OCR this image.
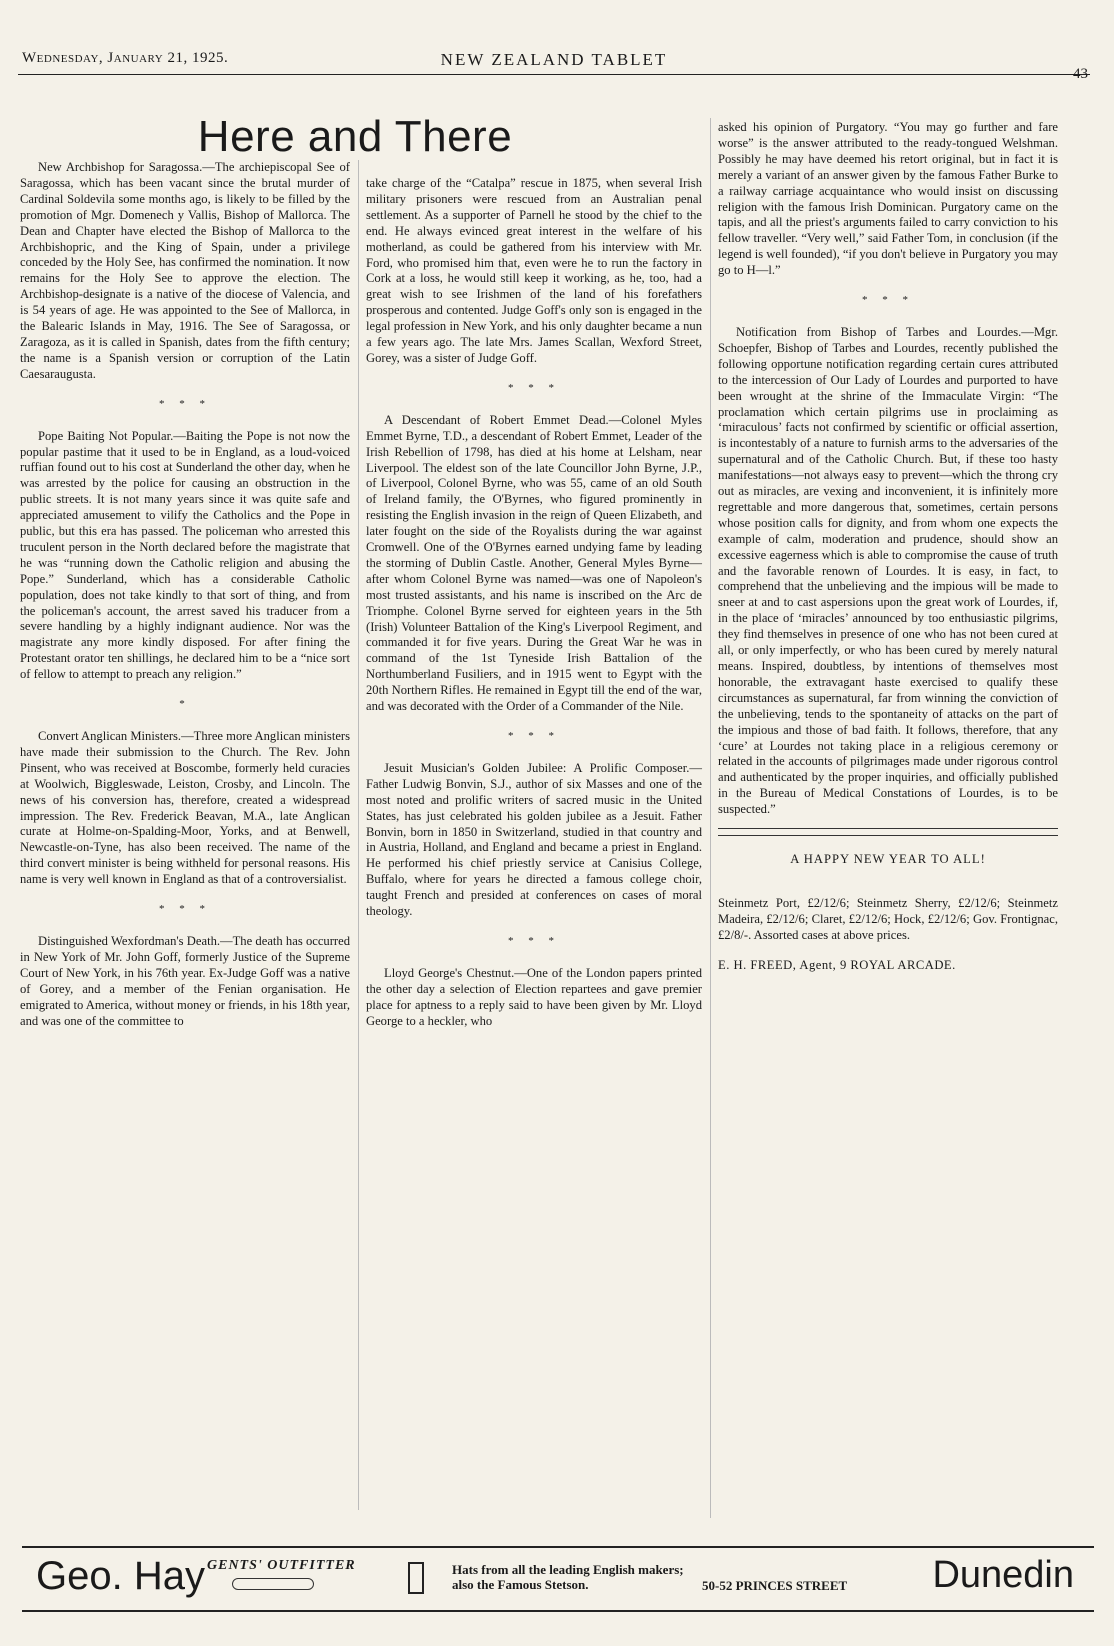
Wednesday, January 21, 1925.	NEW ZEALAND TABLET
43
Here and There

New Archbishop for Saragossa.—The archiepiscopal See of Saragossa, which has been vacant since the brutal murder of Cardinal Soldevila some months ago, is likely to be filled by the promotion of Mgr. Domenech y Vallis, Bishop of Mallorca. The Dean and Chapter have elected the Bishop of Mallorca to the Archbishopric, and the King of Spain, under a privilege conceded by the Holy See, has confirmed the nomination. It now remains for the Holy See to approve the election. The Archbishop-designate is a native of the diocese of Valencia, and is 54 years of age. He was appointed to the See of Mallorca, in the Balearic Islands in May, 1916. The See of Saragossa, or Zaragoza, as it is called in Spanish, dates from the fifth century; the name is a Spanish version or corruption of the Latin Caesaraugusta.

* * *

Pope Baiting Not Popular.—Baiting the Pope is not now the popular pastime that it used to be in England, as a loud-voiced ruffian found out to his cost at Sunderland the other day, when he was arrested by the police for causing an obstruction in the public streets. It is not many years since it was quite safe and appreciated amusement to vilify the Catholics and the Pope in public, but this era has passed. The policeman who arrested this truculent person in the North declared before the magistrate that he was “running down the Catholic religion and abusing the Pope.” Sunderland, which has a considerable Catholic population, does not take kindly to that sort of thing, and from the policeman's account, the arrest saved his traducer from a severe handling by a highly indignant audience. Nor was the magistrate any more kindly disposed. For after fining the Protestant orator ten shillings, he declared him to be a “nice sort of fellow to attempt to preach any religion.”

*

Convert Anglican Ministers.—Three more Anglican ministers have made their submission to the Church. The Rev. John Pinsent, who was received at Boscombe, formerly held curacies at Woolwich, Biggleswade, Leiston, Crosby, and Lincoln. The news of his conversion has, therefore, created a widespread impression. The Rev. Frederick Beavan, M.A., late Anglican curate at Holme-on-Spalding-Moor, Yorks, and at Benwell, Newcastle-on-Tyne, has also been received. The name of the third convert minister is being withheld for personal reasons. His name is very well known in England as that of a controversialist.

* * *

Distinguished Wexfordman's Death.—The death has occurred in New York of Mr. John Goff, formerly Justice of the Supreme Court of New York, in his 76th year. Ex-Judge Goff was a native of Gorey, and a member of the Fenian organisation. He emigrated to America, without money or friends, in his 18th year, and was one of the committee to

take charge of the “Catalpa” rescue in 1875, when several Irish military prisoners were rescued from an Australian penal settlement. As a supporter of Parnell he stood by the chief to the end. He always evinced great interest in the welfare of his motherland, as could be gathered from his interview with Mr. Ford, who promised him that, even were he to run the factory in Cork at a loss, he would still keep it working, as he, too, had a great wish to see Irishmen of the land of his forefathers prosperous and contented. Judge Goff's only son is engaged in the legal profession in New York, and his only daughter became a nun a few years ago. The late Mrs. James Scallan, Wexford Street, Gorey, was a sister of Judge Goff.

* * *

A Descendant of Robert Emmet Dead.—Colonel Myles Emmet Byrne, T.D., a descendant of Robert Emmet, Leader of the Irish Rebellion of 1798, has died at his home at Lelsham, near Liverpool. The eldest son of the late Councillor John Byrne, J.P., of Liverpool, Colonel Byrne, who was 55, came of an old South of Ireland family, the O'Byrnes, who figured prominently in resisting the English invasion in the reign of Queen Elizabeth, and later fought on the side of the Royalists during the war against Cromwell. One of the O'Byrnes earned undying fame by leading the storming of Dublin Castle. Another, General Myles Byrne—after whom Colonel Byrne was named—was one of Napoleon's most trusted assistants, and his name is inscribed on the Arc de Triomphe. Colonel Byrne served for eighteen years in the 5th (Irish) Volunteer Battalion of the King's Liverpool Regiment, and commanded it for five years. During the Great War he was in command of the 1st Tyneside Irish Battalion of the Northumberland Fusiliers, and in 1915 went to Egypt with the 20th Northern Rifles. He remained in Egypt till the end of the war, and was decorated with the Order of a Commander of the Nile.

* * *

Jesuit Musician's Golden Jubilee: A Prolific Composer.—Father Ludwig Bonvin, S.J., author of six Masses and one of the most noted and prolific writers of sacred music in the United States, has just celebrated his golden jubilee as a Jesuit. Father Bonvin, born in 1850 in Switzerland, studied in that country and in Austria, Holland, and England and became a priest in England. He performed his chief priestly service at Canisius College, Buffalo, where for years he directed a famous college choir, taught French and presided at conferences on cases of moral theology.

* * *

Lloyd George's Chestnut.—One of the London papers printed the other day a selection of Election repartees and gave premier place for aptness to a reply said to have been given by Mr. Lloyd George to a heckler, who

asked his opinion of Purgatory. “You may go further and fare worse” is the answer attributed to the ready-tongued Welshman. Possibly he may have deemed his retort original, but in fact it is merely a variant of an answer given by the famous Father Burke to a railway carriage acquaintance who would insist on discussing religion with the famous Irish Dominican. Purgatory came on the tapis, and all the priest's arguments failed to carry conviction to his fellow traveller. “Very well,” said Father Tom, in conclusion (if the legend is well founded), “if you don't believe in Purgatory you may go to H—l.”

* * *

Notification from Bishop of Tarbes and Lourdes.—Mgr. Schoepfer, Bishop of Tarbes and Lourdes, recently published the following opportune notification regarding certain cures attributed to the intercession of Our Lady of Lourdes and purported to have been wrought at the shrine of the Immaculate Virgin: “The proclamation which certain pilgrims use in proclaiming as ‘miraculous’ facts not confirmed by scientific or official assertion, is incontestably of a nature to furnish arms to the adversaries of the supernatural and of the Catholic Church. But, if these too hasty manifestations—not always easy to prevent—which the throng cry out as miracles, are vexing and inconvenient, it is infinitely more regrettable and more dangerous that, sometimes, certain persons whose position calls for dignity, and from whom one expects the example of calm, moderation and prudence, should show an excessive eagerness which is able to compromise the cause of truth and the favorable renown of Lourdes. It is easy, in fact, to comprehend that the unbelieving and the impious will be made to sneer at and to cast aspersions upon the great work of Lourdes, if, in the place of ‘miracles’ announced by too enthusiastic pilgrims, they find themselves in presence of one who has not been cured at all, or only imperfectly, or who has been cured by merely natural means. Inspired, doubtless, by intentions of themselves most honorable, the extravagant haste exercised to qualify these circumstances as supernatural, far from winning the conviction of the unbelieving, tends to the spontaneity of attacks on the part of the impious and those of bad faith. It follows, therefore, that any ‘cure’ at Lourdes not taking place in a religious ceremony or related in the accounts of pilgrimages made under rigorous control and authenticated by the proper inquiries, and officially published in the Bureau of Medical Constations of Lourdes, is to be suspected.”

A HAPPY NEW YEAR TO ALL!

Steinmetz Port, £2/12/6; Steinmetz Sherry, £2/12/6; Steinmetz Madeira, £2/12/6; Claret, £2/12/6; Hock, £2/12/6; Gov. Frontignac, £2/8/-. Assorted cases at above prices.

E. H. FREED, Agent, 9 ROYAL ARCADE.

Geo. Hay GENTS' OUTFITTER	Hats from all the leading English makers;
also the Famous Stetson.	50-52 PRINCES STREET Dunedin
